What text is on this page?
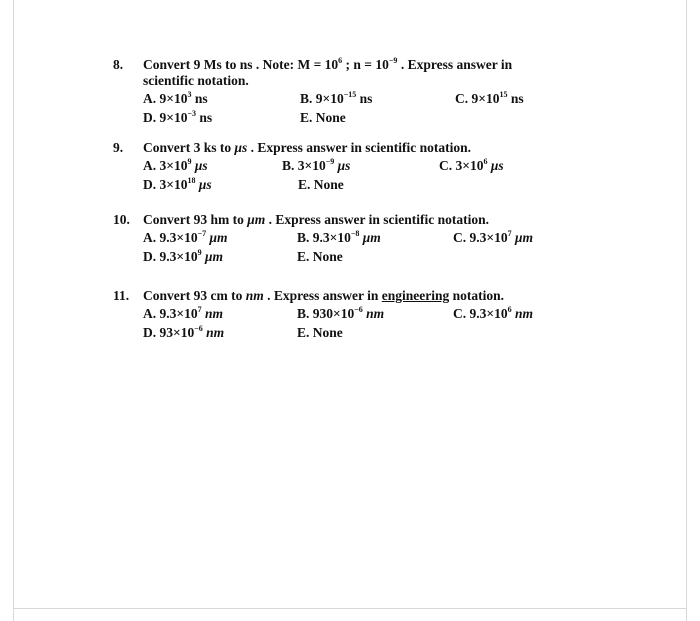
8. Convert 9 Ms to ns . Note: $M = 10^6$ ; $n = 10^{-9}$ . Express answer in
scientific notation.
A. $9\times 10^3$ ns	B. $9\times 10^{-15}$ ns	C. $9\times 10^{15}$ ns
D. $9\times 10^{-3}$ ns	E. None
9. Convert 3 ks to μs . Express answer in scientific notation.
A. $3\times 10^9$ μs	B. $3\times 10^{-9}$ μs	C. $3\times 10^6$ μs
D. $3\times 10^{18}$ μs	E. None
10. Convert 93 hm to μm . Express answer in scientific notation.
A. $9.3\times 10^{-7}$ μm	B. $9.3\times 10^{-8}$ μm	C. $9.3\times 10^7$ μm
D. $9.3\times 10^9$ μm	E. None
11. Convert 93 cm to nm . Express answer in engineering notation.
A. $9.3\times 10^7$ nm	B. $930\times 10^{-6}$ nm	C. $9.3\times 10^6$ nm
D. $93\times 10^{-6}$ nm	E. None
